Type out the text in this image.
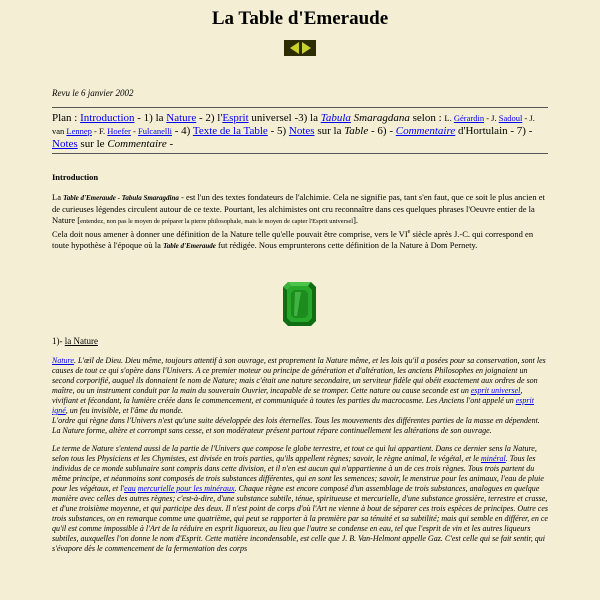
La Table d'Emeraude
Revu le 6 janvier 2002
Plan : Introduction - 1) la Nature - 2) l'Esprit universel -3) la Tabula Smaragdana selon : L. Gérardin - J. Sadoul - J. van Lennep - F. Hoefer - Fulcanelli - 4) Texte de la Table - 5) Notes sur la Table - 6) - Commentaire d'Hortulain - 7) - Notes sur le Commentaire -
Introduction
La Table d'Emeraude - Tabula Smaragdina - est l'un des textes fondateurs de l'alchimie. Cela ne signifie pas, tant s'en faut, que ce soit le plus ancien et de curieuses légendes circulent autour de ce texte. Pourtant, les alchimistes ont cru reconnaître dans ces quelques phrases l'Oeuvre entier de la Nature [entendez, non pas le moyen de préparer la pierre philosophale, mais le moyen de capter l'Esprit universel].
Cela doit nous amener à donner une définition de la Nature telle qu'elle pouvait être comprise, vers le VIe siècle après J.-C. qui correspond en toute hypothèse à l'époque où la Table d'Emeraude fut rédigée. Nous emprunterons cette définition de la Nature à Dom Pernety.
1)- la Nature

Nature. L'œil de Dieu. Dieu même, toujours attentif à son ouvrage, est proprement la Nature même, et les lois qu'il a posées pour sa conservation, sont les causes de tout ce qui s'opère dans l'Univers. A ce premier moteur ou principe de génération et d'altération, les anciens Philosophes en joignaient un second corporifié, auquel ils donnaient le nom de Nature; mais c'était une nature secondaire, un serviteur fidèle qui obéit exactement aux ordres de son maître, ou un instrument conduit par la main du souverain Ouvrier, incapable de se tromper. Cette nature ou cause seconde est un esprit universel, vivifiant et fécondant, la lumière créée dans le commencement, et communiquée à toutes les parties du macrocosme. Les Anciens l'ont appelé un esprit igné, un feu invisible, et l'âme du monde.
L'ordre qui règne dans l'Univers n'est qu'une suite développée des lois éternelles. Tous les mouvements des différentes parties de la masse en dépendent. La Nature forme, altère et corrompt sans cesse, et son modérateur présent partout répare continuellement les altérations de son ouvrage.

Le terme de Nature s'entend aussi de la partie de l'Univers que compose le globe terrestre, et tout ce qui lui appartient. Dans ce dernier sens la Nature, selon tous les Physiciens et les Chymistes, est divisée en trois parties, qu'ils appellent règnes; savoir, le règne animal, le végétal, et le minéral. Tous les individus de ce monde sublunaire sont compris dans cette division, et il n'en est aucun qui n'appartienne à un de ces trois règnes. Tous trois partent du même principe, et néanmoins sont composés de trois substances différentes, qui en sont les semences; savoir, le menstrue pour les animaux, l'eau de pluie pour les végétaux, et l'eau mercurielle pour les minéraux. Chaque règne est encore composé d'un assemblage de trois substances, analogues en quelque manière avec celles des autres règnes; c'est-à-dire, d'une substance subtile, ténue, spiritueuse et mercurielle, d'une substance grossière, terrestre et crasse, et d'une troisième moyenne, et qui participe des deux. Il n'est point de corps d'où l'Art ne vienne à bout de séparer ces trois espèces de principes. Outre ces trois substances, on en remarque comme une quatrième, qui peut se rapporter à la première par sa ténuité et sa subtilité; mais qui semble en différer, en ce qu'il est comme impossible à l'Art de la réduire en esprit liquoreux, au lieu que l'autre se condense en eau, tel que l'esprit de vin et les autres liqueurs subtiles, auxquelles l'on donne le nom d'Esprit. Cette matière incondensable, est celle que J. B. Van-Helmont appelle Gaz. C'est celle qui se fait sentir, qui s'évapore dès le commencement de la fermentation des corps
